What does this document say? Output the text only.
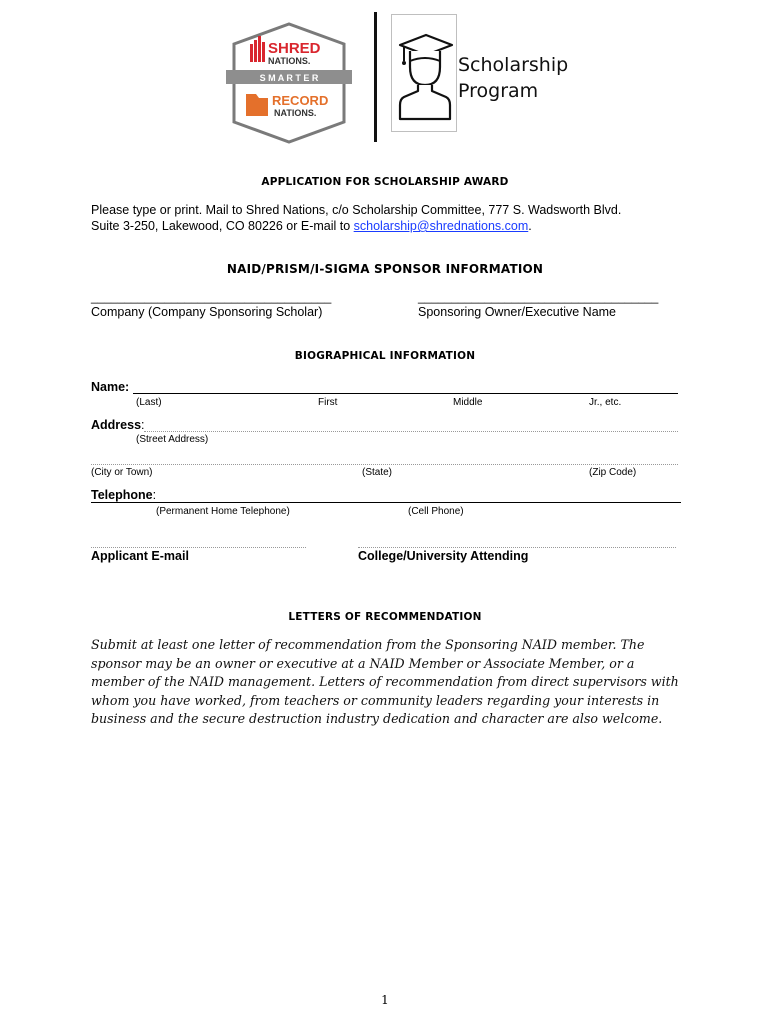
SHRED
NATIONS.
S M A R T E R
RECORD
NATIONS.
Scholarship
Program
APPLICATION FOR SCHOLARSHIP AWARD
Please type or print. Mail to Shred Nations, c/o Scholarship Committee, 777 S. Wadsworth Blvd.
Suite 3-250, Lakewood, CO 80226 or E-mail to scholarship@shrednations.com.
NAID/PRISM/I-SIGMA SPONSOR INFORMATION
____________________________________	____________________________________
Company (Company Sponsoring Scholar)	Sponsoring Owner/Executive Name
BIOGRAPHICAL INFORMATION
Name:
(Last)	First	Middle	Jr., etc.
Address:
(Street Address)
(City or Town)	(State)	(Zip Code)
Telephone:
(Permanent Home Telephone)	(Cell Phone)
Applicant E-mail	College/University Attending
LETTERS OF RECOMMENDATION
Submit at least one letter of recommendation from the Sponsoring NAID member. The sponsor may be an owner or executive at a NAID Member or Associate Member, or a member of the NAID management. Letters of recommendation from direct supervisors with whom you have worked, from teachers or community leaders regarding your interests in business and the secure destruction industry dedication and character are also welcome.
1
